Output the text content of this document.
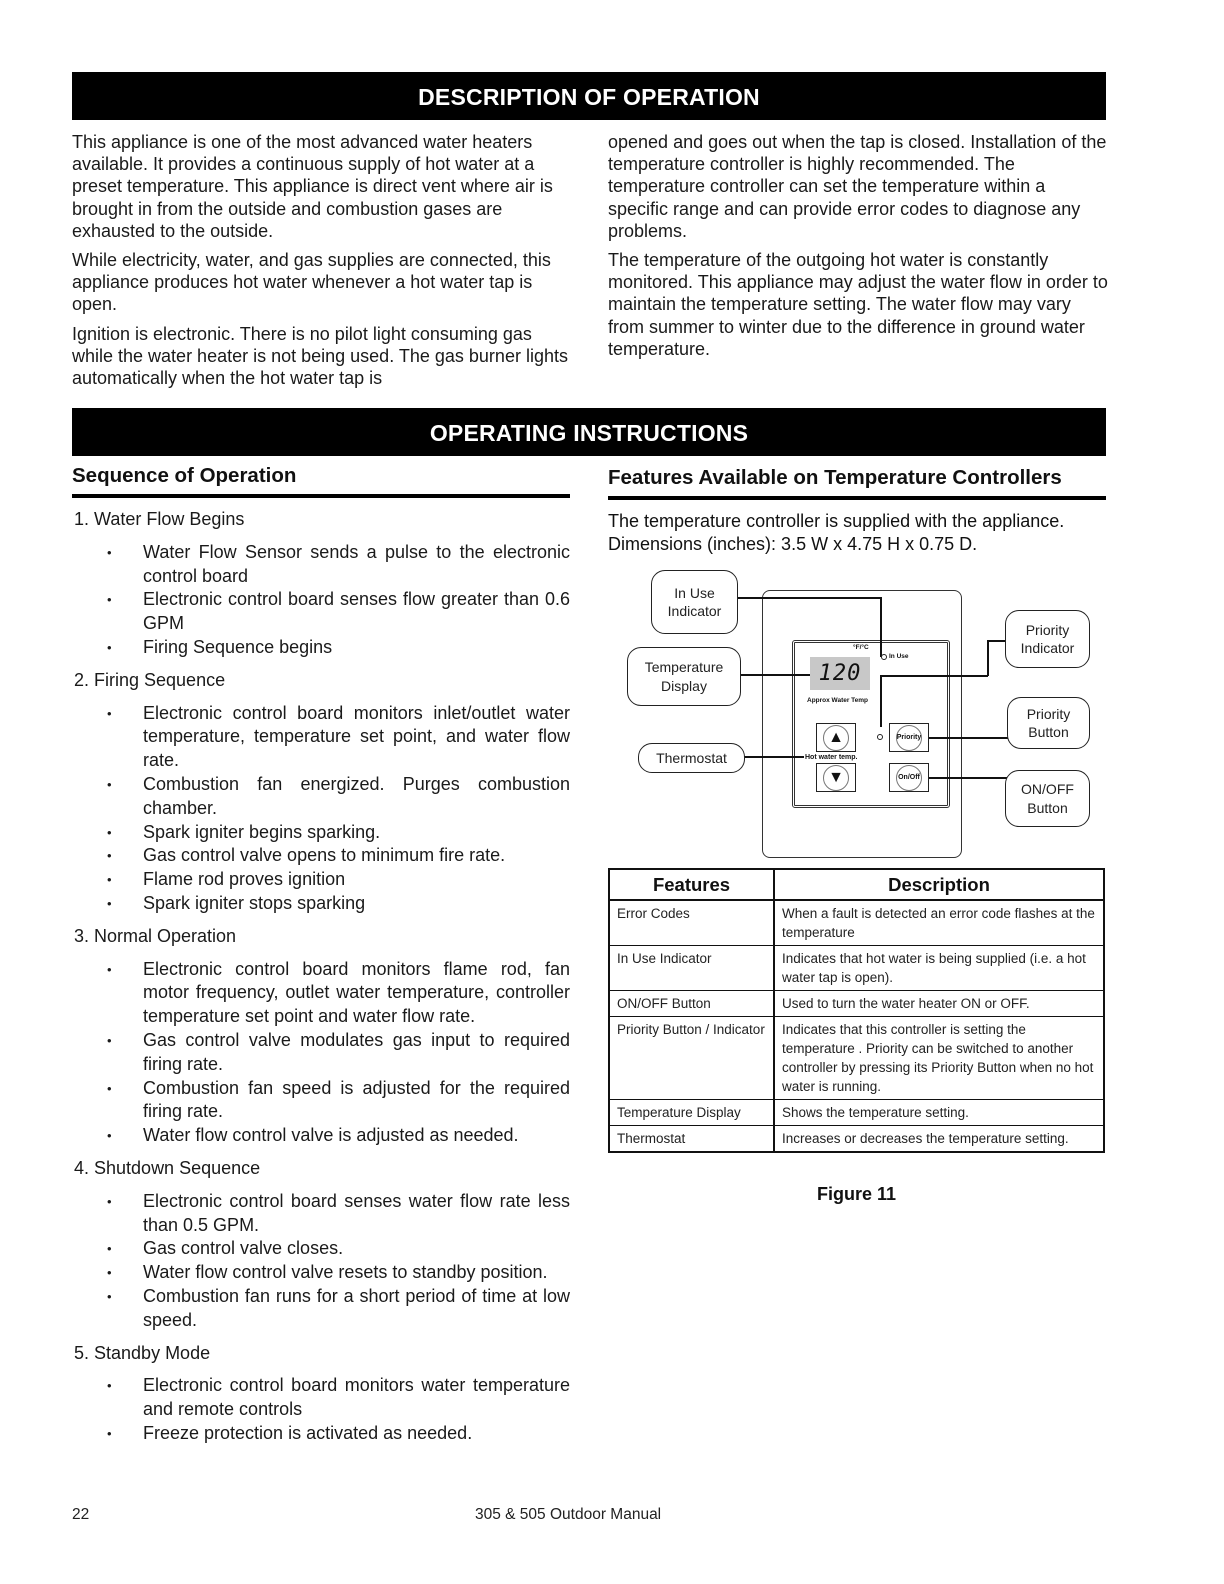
DESCRIPTION OF OPERATION

This appliance is one of the most advanced water heaters available. It provides a continuous supply of hot water at a preset temperature. This appliance is direct vent where air is brought in from the outside and combustion gases are exhausted to the outside.

While electricity, water, and gas supplies are connected, this appliance produces hot water whenever a hot water tap is open.

Ignition is electronic. There is no pilot light consuming gas while the water heater is not being used. The gas burner lights automatically when the hot water tap is

opened and goes out when the tap is closed. Installation of the temperature controller is highly recommended. The temperature controller can set the temperature within a specific range and can provide error codes to diagnose any problems.

The temperature of the outgoing hot water is constantly monitored. This appliance may adjust the water flow in order to maintain the temperature setting. The water flow may vary from summer to winter due to the difference in ground water temperature.

OPERATING INSTRUCTIONS
Sequence of Operation
1. Water Flow Begins
• Water Flow Sensor sends a pulse to the electronic control board
• Electronic control board senses flow greater than 0.6 GPM
• Firing Sequence begins
2. Firing Sequence
• Electronic control board monitors inlet/outlet water temperature, temperature set point, and water flow rate.
• Combustion fan energized. Purges combustion chamber.
• Spark igniter begins sparking.
• Gas control valve opens to minimum fire rate.
• Flame rod proves ignition
• Spark igniter stops sparking
3. Normal Operation
• Electronic control board monitors flame rod, fan motor frequency, outlet water temperature, controller temperature set point and water flow rate.
• Gas control valve modulates gas input to required firing rate.
• Combustion fan speed is adjusted for the required firing rate.
• Water flow control valve is adjusted as needed.
4. Shutdown Sequence
• Electronic control board senses water flow rate less than 0.5 GPM.
• Gas control valve closes.
• Water flow control valve resets to standby position.
• Combustion fan runs for a short period of time at low speed.
5. Standby Mode
• Electronic control board monitors water temperature and remote controls
• Freeze protection is activated as needed.
Features Available on Temperature Controllers
The temperature controller is supplied with the appliance. Dimensions (inches): 3.5 W x 4.75 H x 0.75 D.
In Use Indicator
Temperature Display
Thermostat
Priority Indicator
Priority Button
ON/OFF Button
°F/°C
In Use
120
Approx Water Temp
▲
Hot water temp.
▼
Priority
On/Off
Features	Description
Error Codes	When a fault is detected an error code flashes at the temperature
In Use Indicator	Indicates that hot water is being supplied (i.e. a hot water tap is open).
ON/OFF Button	Used to turn the water heater ON or OFF.
Priority Button / Indicator	Indicates that this controller is setting the temperature . Priority can be switched to another controller by pressing its Priority Button when no hot water is running.
Temperature Display	Shows the temperature setting.
Thermostat	Increases or decreases the temperature setting.
Figure 11
22	305 & 505 Outdoor Manual
